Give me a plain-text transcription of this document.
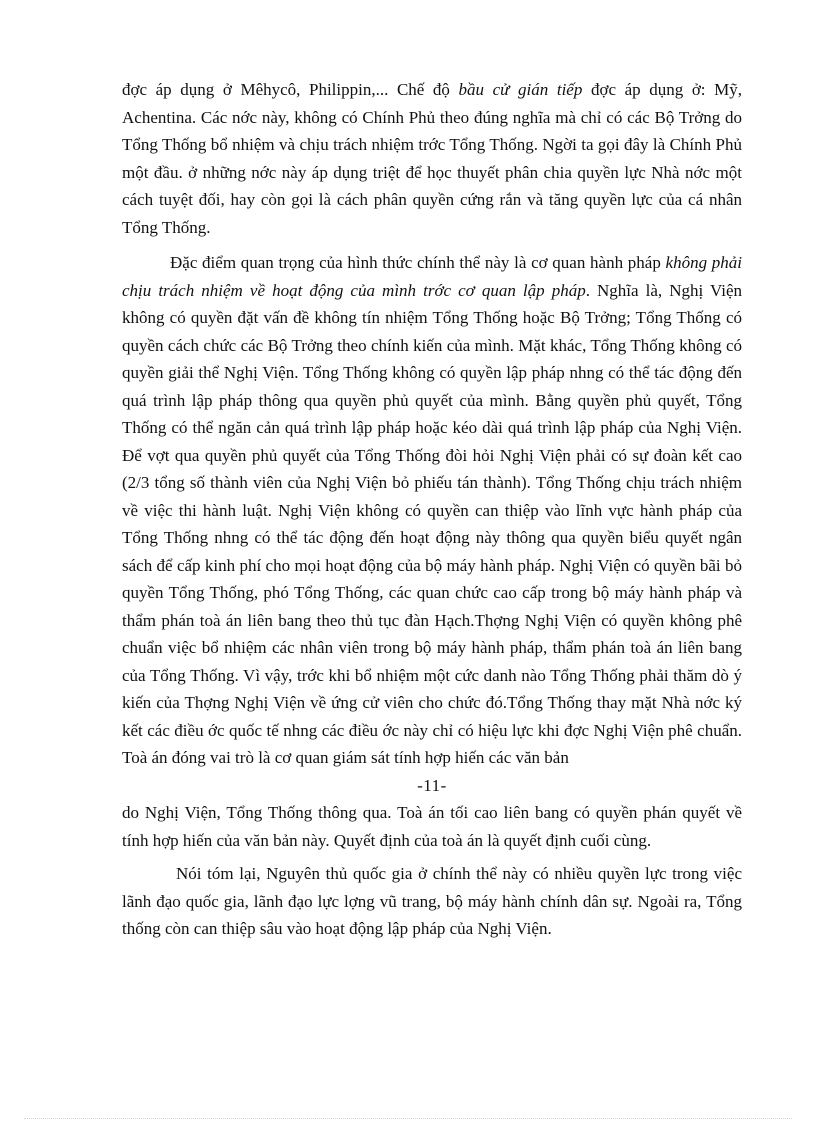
đợc áp dụng ở Mêhycô, Philippin,... Chế độ bầu cử gián tiếp đợc áp dụng ở: Mỹ, Achentina. Các nớc này, không có Chính Phủ theo đúng nghĩa mà chỉ có các Bộ Trởng do Tổng Thống bổ nhiệm và chịu trách nhiệm trớc Tổng Thống. Ngời ta gọi đây là Chính Phủ một đầu. ở những nớc này áp dụng triệt để học thuyết phân chia quyền lực Nhà nớc một cách tuyệt đối, hay còn gọi là cách phân quyền cứng rắn và tăng quyền lực của cá nhân Tổng Thống.

Đặc điểm quan trọng của hình thức chính thể này là cơ quan hành pháp không phải chịu trách nhiệm về hoạt động của mình trớc cơ quan lập pháp. Nghĩa là, Nghị Viện không có quyền đặt vấn đề không tín nhiệm Tổng Thống hoặc Bộ Trởng; Tổng Thống có quyền cách chức các Bộ Trởng theo chính kiến của mình. Mặt khác, Tổng Thống không có quyền giải thể Nghị Viện. Tổng Thống không có quyền lập pháp nhng có thể tác động đến quá trình lập pháp thông qua quyền phủ quyết của mình. Bằng quyền phủ quyết, Tổng Thống có thể ngăn cản quá trình lập pháp hoặc kéo dài quá trình lập pháp của Nghị Viện. Để vợt qua quyền phủ quyết của Tổng Thống đòi hỏi Nghị Viện phải có sự đoàn kết cao (2/3 tổng số thành viên của Nghị Viện bỏ phiếu tán thành). Tổng Thống chịu trách nhiệm về việc thi hành luật. Nghị Viện không có quyền can thiệp vào lĩnh vực hành pháp của Tổng Thống nhng có thể tác động đến hoạt động này thông qua quyền biểu quyết ngân sách để cấp kinh phí cho mọi hoạt động của bộ máy hành pháp. Nghị Viện có quyền bãi bỏ quyền Tổng Thống, phó Tổng Thống, các quan chức cao cấp trong bộ máy hành pháp và thẩm phán toà án liên bang theo thủ tục đàn Hạch.Thợng Nghị Viện có quyền không phê chuẩn việc bổ nhiệm các nhân viên trong bộ máy hành pháp, thẩm phán toà án liên bang của Tổng Thống. Vì vậy, trớc khi bổ nhiệm một cức danh nào Tổng Thống phải thăm dò ý kiến của Thợng Nghị Viện về ứng cử viên cho chức đó.Tổng Thống thay mặt Nhà nớc ký kết các điều ớc quốc tế nhng các điều ớc này chỉ có hiệu lực khi đợc Nghị Viện phê chuẩn. Toà án đóng vai trò là cơ quan giám sát tính hợp hiến các văn bản

-11-

do Nghị Viện, Tổng Thống thông qua. Toà án tối cao liên bang có quyền phán quyết về tính hợp hiến của văn bản này. Quyết định của toà án là quyết định cuối cùng.

Nói tóm lại, Nguyên thủ quốc gia ở chính thể này có nhiều quyền lực trong việc lãnh đạo quốc gia, lãnh đạo lực lợng vũ trang, bộ máy hành chính dân sự. Ngoài ra, Tổng thống còn can thiệp sâu vào hoạt động lập pháp của Nghị Viện.
